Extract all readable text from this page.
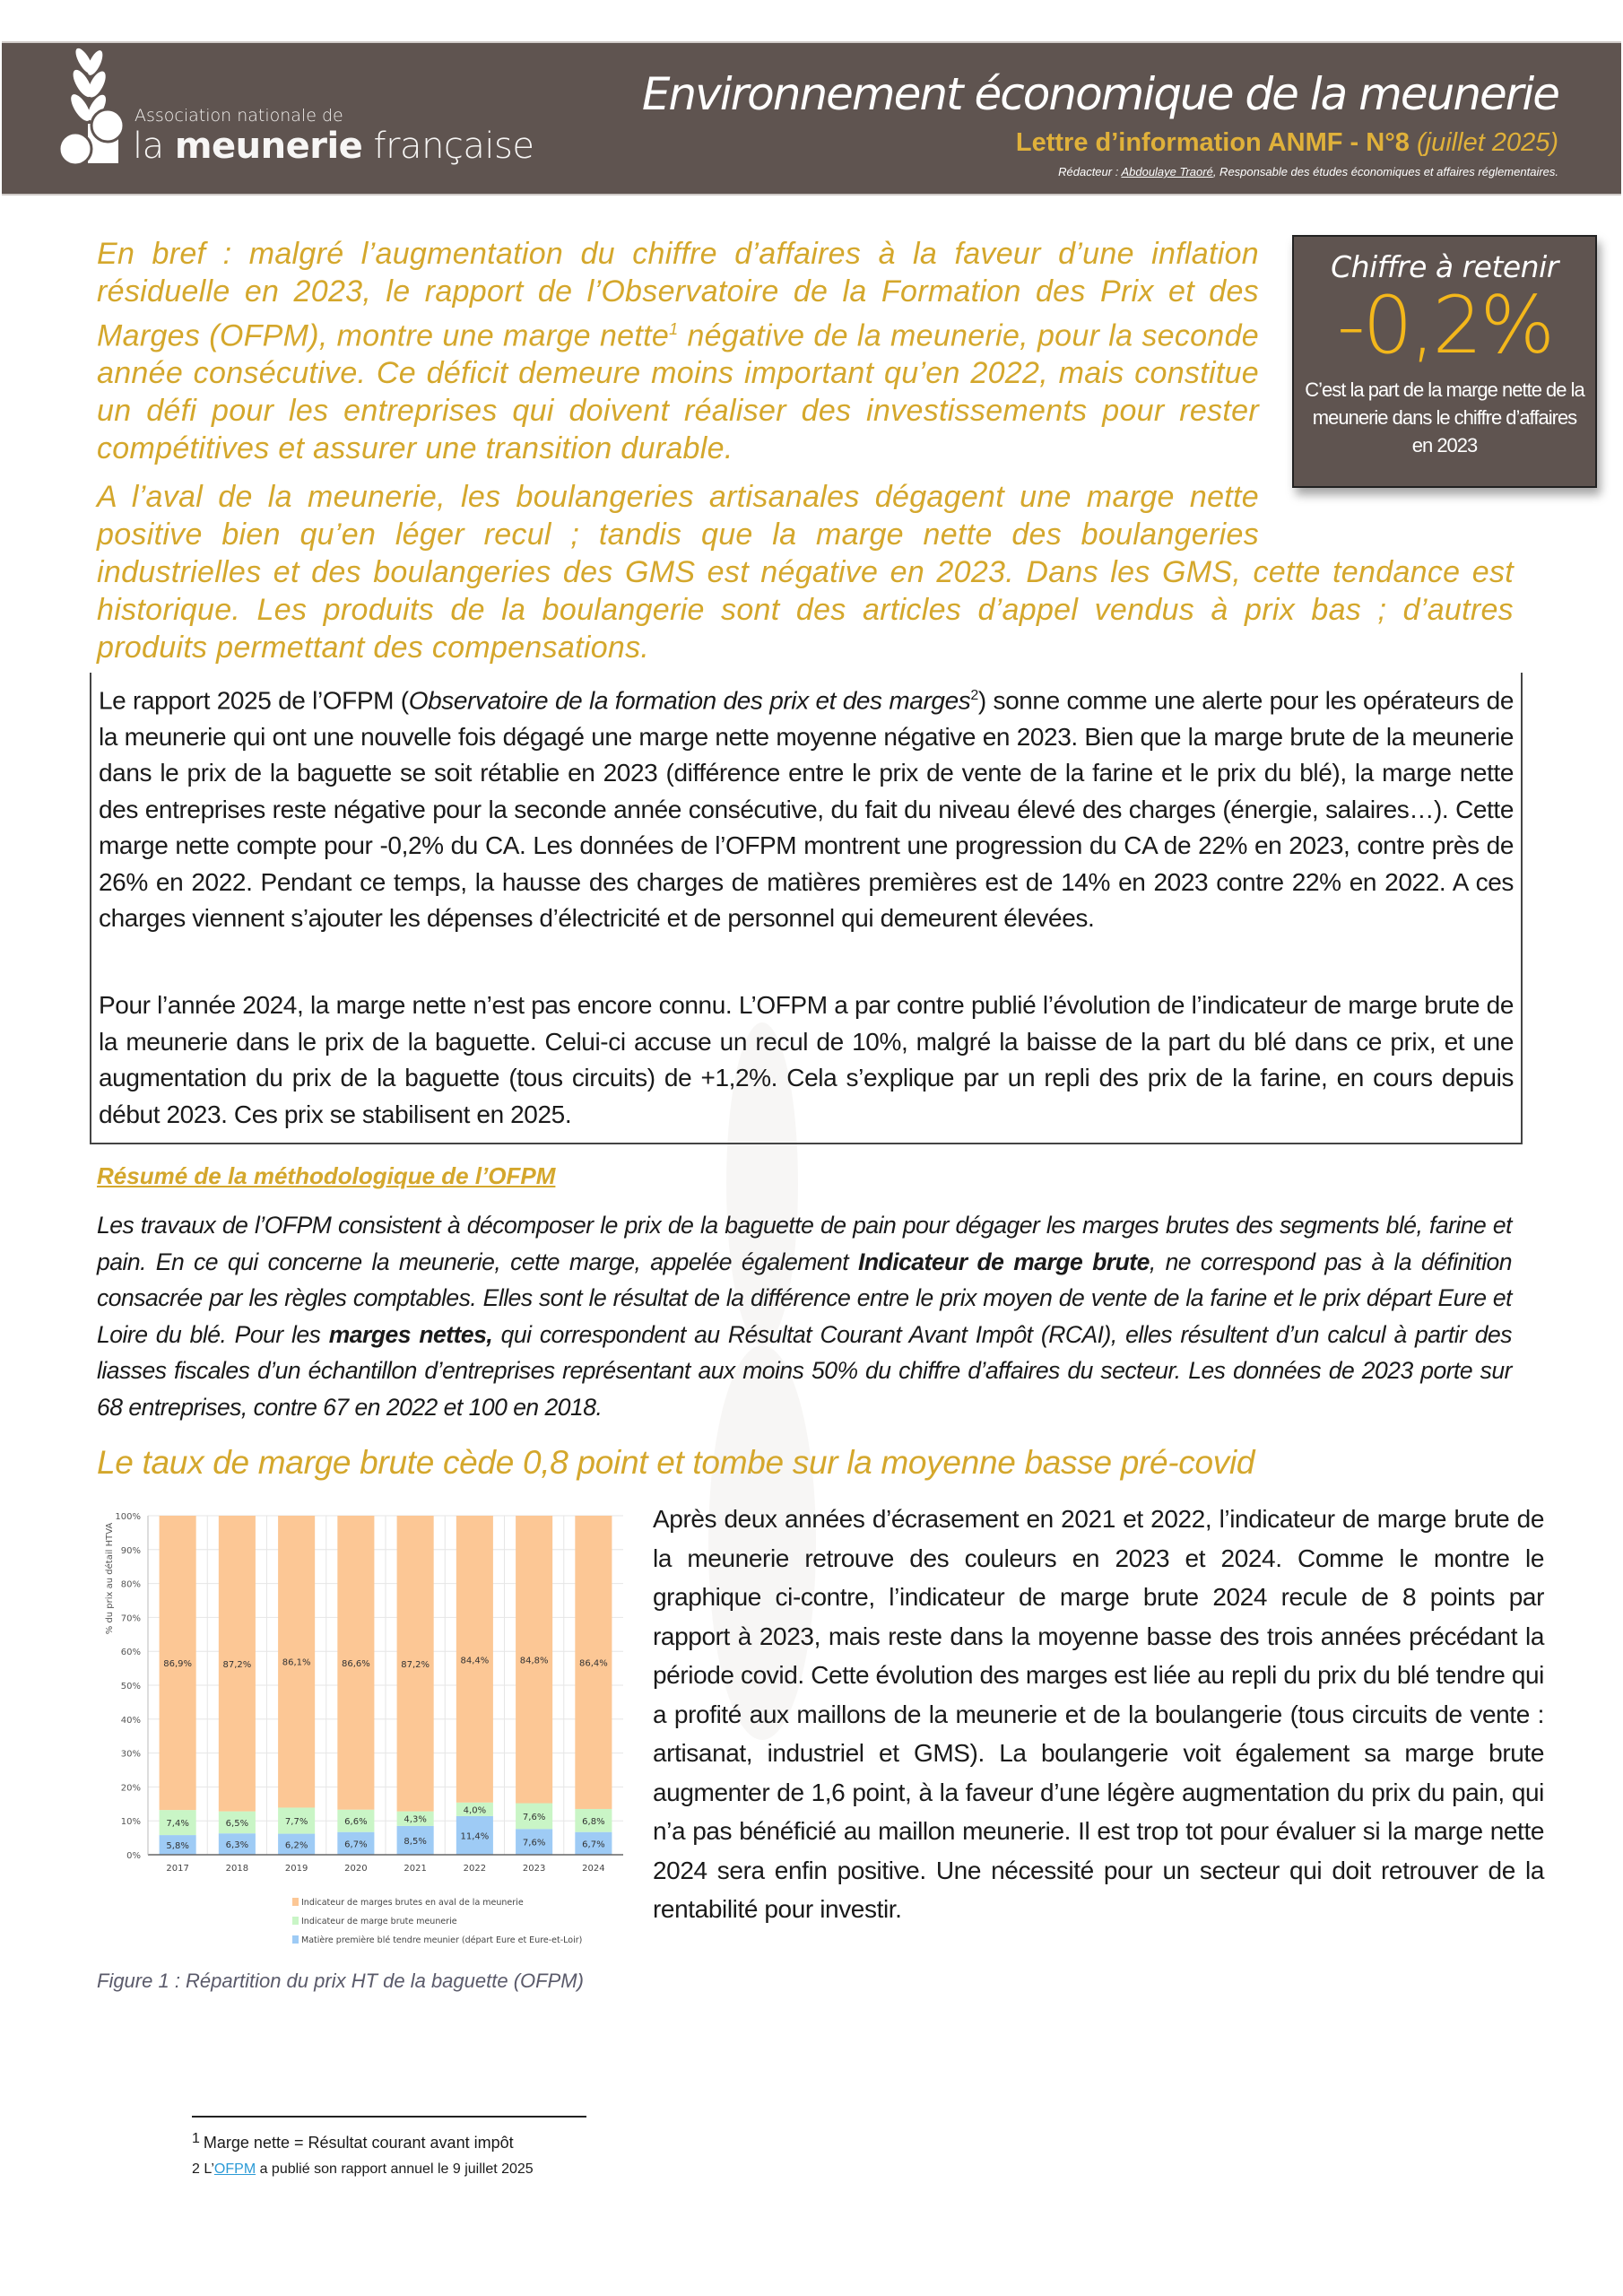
Association nationale de
la meunerie française
Environnement économique de la meunerie
Lettre d’information ANMF - N°8 (juillet 2025)
Rédacteur : Abdoulaye Traoré, Responsable des études économiques et affaires réglementaires.
En bref : malgré l’augmentation du chiffre d’affaires à la faveur d’une inflation résiduelle en 2023, le rapport de l’Observatoire de la Formation des Prix et des Marges (OFPM), montre une marge nette$^1$ négative de la meunerie, pour la seconde année consécutive. Ce déficit demeure moins important qu’en 2022, mais constitue un défi pour les entreprises qui doivent réaliser des investissements pour rester compétitives et assurer une transition durable.
A l’aval de la meunerie, les boulangeries artisanales dégagent une marge nette positive bien qu’en léger recul ; tandis que la marge nette des boulangeries
industrielles et des boulangeries des GMS est négative en 2023. Dans les GMS, cette tendance est historique. Les produits de la boulangerie sont des articles d’appel vendus à prix bas ; d’autres produits permettant des compensations.
Chiffre à retenir
-0,2%
C’est la part de la marge nette de la meunerie dans le chiffre d’affaires en 2023
Le rapport 2025 de l’OFPM (Observatoire de la formation des prix et des marges$^2$) sonne comme une alerte pour les opérateurs de la meunerie qui ont une nouvelle fois dégagé une marge nette moyenne négative en 2023. Bien que la marge brute de la meunerie dans le prix de la baguette se soit rétablie en 2023 (différence entre le prix de vente de la farine et le prix du blé), la marge nette des entreprises reste négative pour la seconde année consécutive, du fait du niveau élevé des charges (énergie, salaires…). Cette marge nette compte pour -0,2% du CA. Les données de l’OFPM montrent une progression du CA de 22% en 2023, contre près de 26% en 2022. Pendant ce temps, la hausse des charges de matières premières est de 14% en 2023 contre 22% en 2022. A ces charges viennent s’ajouter les dépenses d’électricité et de personnel qui demeurent élevées.
Pour l’année 2024, la marge nette n’est pas encore connu. L’OFPM a par contre publié l’évolution de l’indicateur de marge brute de la meunerie dans le prix de la baguette. Celui-ci accuse un recul de 10%, malgré la baisse de la part du blé dans ce prix, et une augmentation du prix de la baguette (tous circuits) de +1,2%. Cela s’explique par un repli des prix de la farine, en cours depuis début 2023. Ces prix se stabilisent en 2025.
Résumé de la méthodologique de l’OFPM
Les travaux de l’OFPM consistent à décomposer le prix de la baguette de pain pour dégager les marges brutes des segments blé, farine et pain. En ce qui concerne la meunerie, cette marge, appelée également Indicateur de marge brute, ne correspond pas à la définition consacrée par les règles comptables. Elles sont le résultat de la différence entre le prix moyen de vente de la farine et le prix départ Eure et Loire du blé. Pour les marges nettes, qui correspondent au Résultat Courant Avant Impôt (RCAI), elles résultent d’un calcul à partir des liasses fiscales d’un échantillon d’entreprises représentant aux moins 50% du chiffre d’affaires du secteur. Les données de 2023 porte sur 68 entreprises, contre 67 en 2022 et 100 en 2018.
Le taux de marge brute cède 0,8 point et tombe sur la moyenne basse pré-covid
5,8%
7,4%
86,9%
6,3%
6,5%
87,2%
6,2%
7,7%
86,1%
6,7%
6,6%
86,6%
8,5%
4,3%
87,2%
11,4%
4,0%
84,4%
7,6%
7,6%
84,8%
6,7%
6,8%
86,4%
0%
10%
20%
30%
40%
50%
60%
70%
80%
90%
100%
% du prix au détail HTVA
2017	2018	2019	2020	2021	2022	2023	2024
Indicateur de marges brutes en aval de la meunerie
Indicateur de marge brute meunerie
Matière première blé tendre meunier (départ Eure et Eure-et-Loir)
Figure 1 : Répartition du prix HT de la baguette (OFPM)
Après deux années d’écrasement en 2021 et 2022, l’indicateur de marge brute de la meunerie retrouve des couleurs en 2023 et 2024. Comme le montre le graphique ci-contre, l’indicateur de marge brute 2024 recule de 8 points par rapport à 2023, mais reste dans la moyenne basse des trois années précédant la période covid. Cette évolution des marges est liée au repli du prix du blé tendre qui a profité aux maillons de la meunerie et de la boulangerie (tous circuits de vente : artisanat, industriel et GMS). La boulangerie voit également sa marge brute augmenter de 1,6 point, à la faveur d’une légère augmentation du prix du pain, qui n’a pas bénéficié au maillon meunerie. Il est trop tot pour évaluer si la marge nette 2024 sera enfin positive. Une nécessité pour un secteur qui doit retrouver de la rentabilité pour investir.
$^1$ Marge nette = Résultat courant avant impôt
2 L’OFPM a publié son rapport annuel le 9 juillet 2025
